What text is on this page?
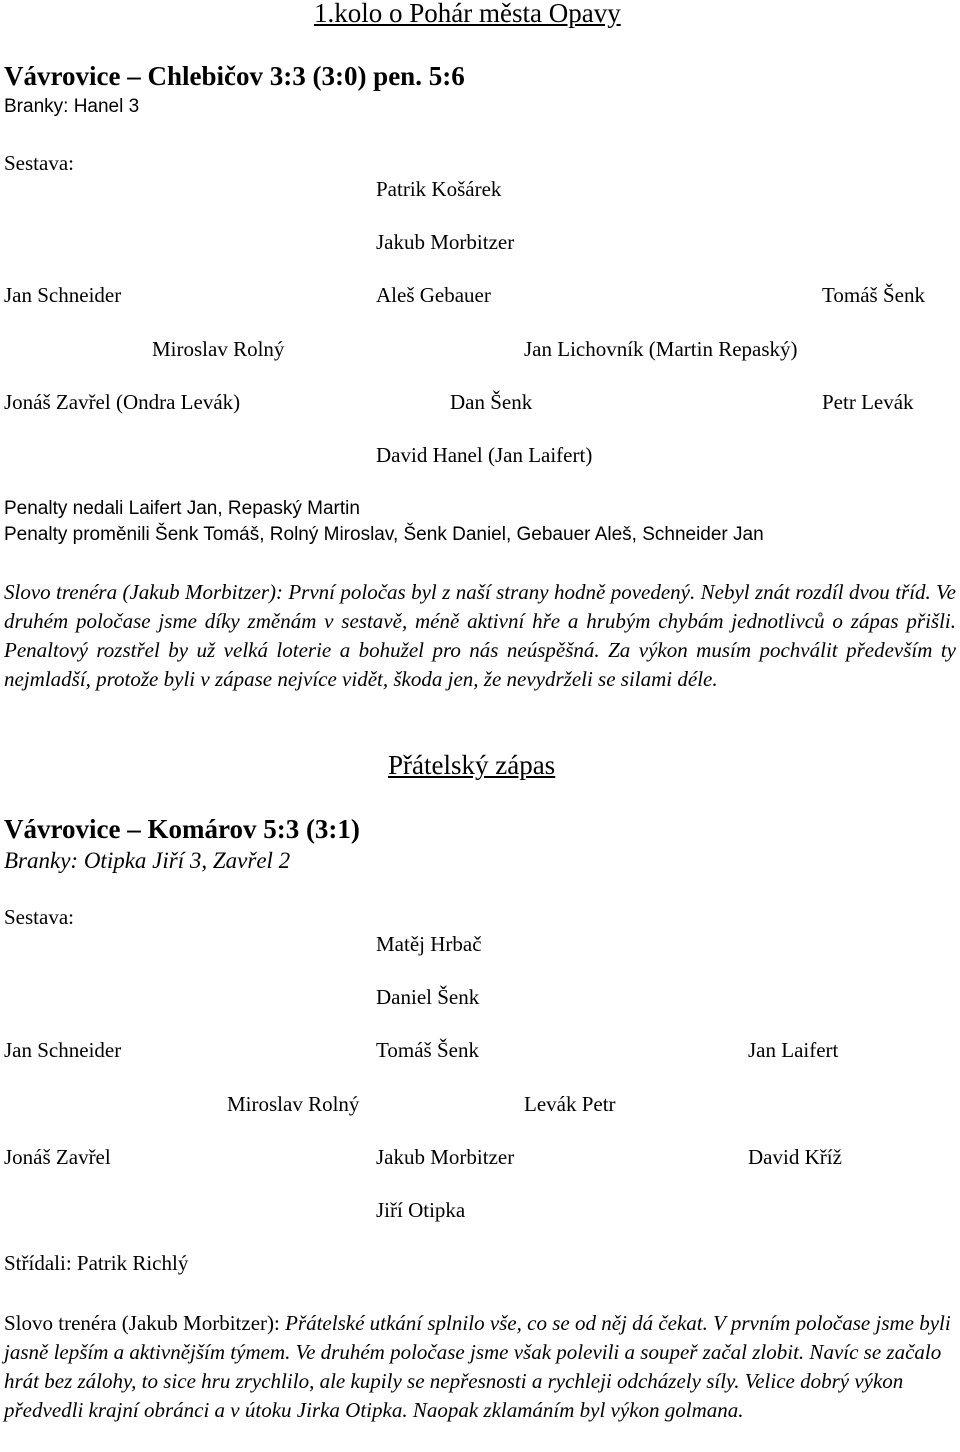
1.kolo o Pohár města Opavy
Vávrovice – Chlebičov 3:3 (3:0) pen. 5:6
Branky: Hanel 3
Sestava:
Patrik Košárek
Jakub Morbitzer
Jan Schneider	Aleš Gebauer	Tomáš Šenk
Miroslav Rolný	Jan Lichovník (Martin Repaský)
Jonáš Zavřel (Ondra Levák)	Dan Šenk	Petr Levák
David Hanel (Jan Laifert)
Penalty nedali Laifert Jan, Repaský Martin
Penalty proměnili Šenk Tomáš, Rolný Miroslav, Šenk Daniel, Gebauer Aleš, Schneider Jan
Slovo trenéra (Jakub Morbitzer): První poločas byl z naší strany hodně povedený. Nebyl znát rozdíl dvou tříd. Ve druhém poločase jsme díky změnám v sestavě, méně aktivní hře a hrubým chybám jednotlivců o zápas přišli. Penaltový rozstřel by už velká loterie a bohužel pro nás neúspěšná. Za výkon musím pochválit především ty nejmladší, protože byli v zápase nejvíce vidět, škoda jen, že nevydrželi se silami déle.
Přátelský zápas
Vávrovice – Komárov 5:3 (3:1)
Branky: Otipka Jiří 3, Zavřel 2
Sestava:
Matěj Hrbač
Daniel Šenk
Jan Schneider	Tomáš Šenk	Jan Laifert
Miroslav Rolný	Levák Petr
Jonáš Zavřel	Jakub Morbitzer	David Kříž
Jiří Otipka
Střídali: Patrik Richlý
Slovo trenéra (Jakub Morbitzer): Přátelské utkání splnilo vše, co se od něj dá čekat. V prvním poločase jsme byli jasně lepším a aktivnějším týmem. Ve druhém poločase jsme však polevili a soupeř začal zlobit. Navíc se začalo hrát bez zálohy, to sice hru zrychlilo, ale kupily se nepřesnosti a rychleji odcházely síly. Velice dobrý výkon předvedli krajní obránci a v útoku Jirka Otipka. Naopak zklamáním byl výkon golmana.
